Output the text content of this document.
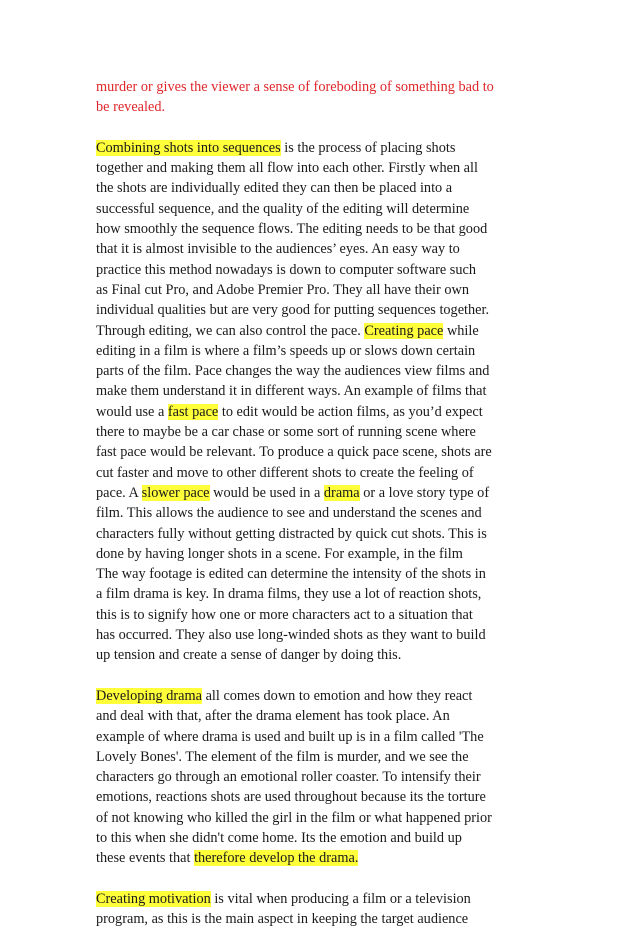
murder or gives the viewer a sense of foreboding of something bad to
be revealed.
Combining shots into sequences is the process of placing shots
together and making them all flow into each other. Firstly when all
the shots are individually edited they can then be placed into a
successful sequence, and the quality of the editing will determine
how smoothly the sequence flows. The editing needs to be that good
that it is almost invisible to the audiences’ eyes. An easy way to
practice this method nowadays is down to computer software such
as Final cut Pro, and Adobe Premier Pro. They all have their own
individual qualities but are very good for putting sequences together.
Through editing, we can also control the pace. Creating pace while
editing in a film is where a film’s speeds up or slows down certain
parts of the film. Pace changes the way the audiences view films and
make them understand it in different ways. An example of films that
would use a fast pace to edit would be action films, as you’d expect
there to maybe be a car chase or some sort of running scene where
fast pace would be relevant. To produce a quick pace scene, shots are
cut faster and move to other different shots to create the feeling of
pace. A slower pace would be used in a drama or a love story type of
film. This allows the audience to see and understand the scenes and
characters fully without getting distracted by quick cut shots. This is
done by having longer shots in a scene. For example, in the film
The way footage is edited can determine the intensity of the shots in
a film drama is key. In drama films, they use a lot of reaction shots,
this is to signify how one or more characters act to a situation that
has occurred. They also use long-winded shots as they want to build
up tension and create a sense of danger by doing this.
Developing drama all comes down to emotion and how they react
and deal with that, after the drama element has took place. An
example of where drama is used and built up is in a film called 'The
Lovely Bones'. The element of the film is murder, and we see the
characters go through an emotional roller coaster. To intensify their
emotions, reactions shots are used throughout because its the torture
of not knowing who killed the girl in the film or what happened prior
to this when she didn't come home. Its the emotion and build up
these events that therefore develop the drama.
Creating motivation is vital when producing a film or a television
program, as this is the main aspect in keeping the target audience
